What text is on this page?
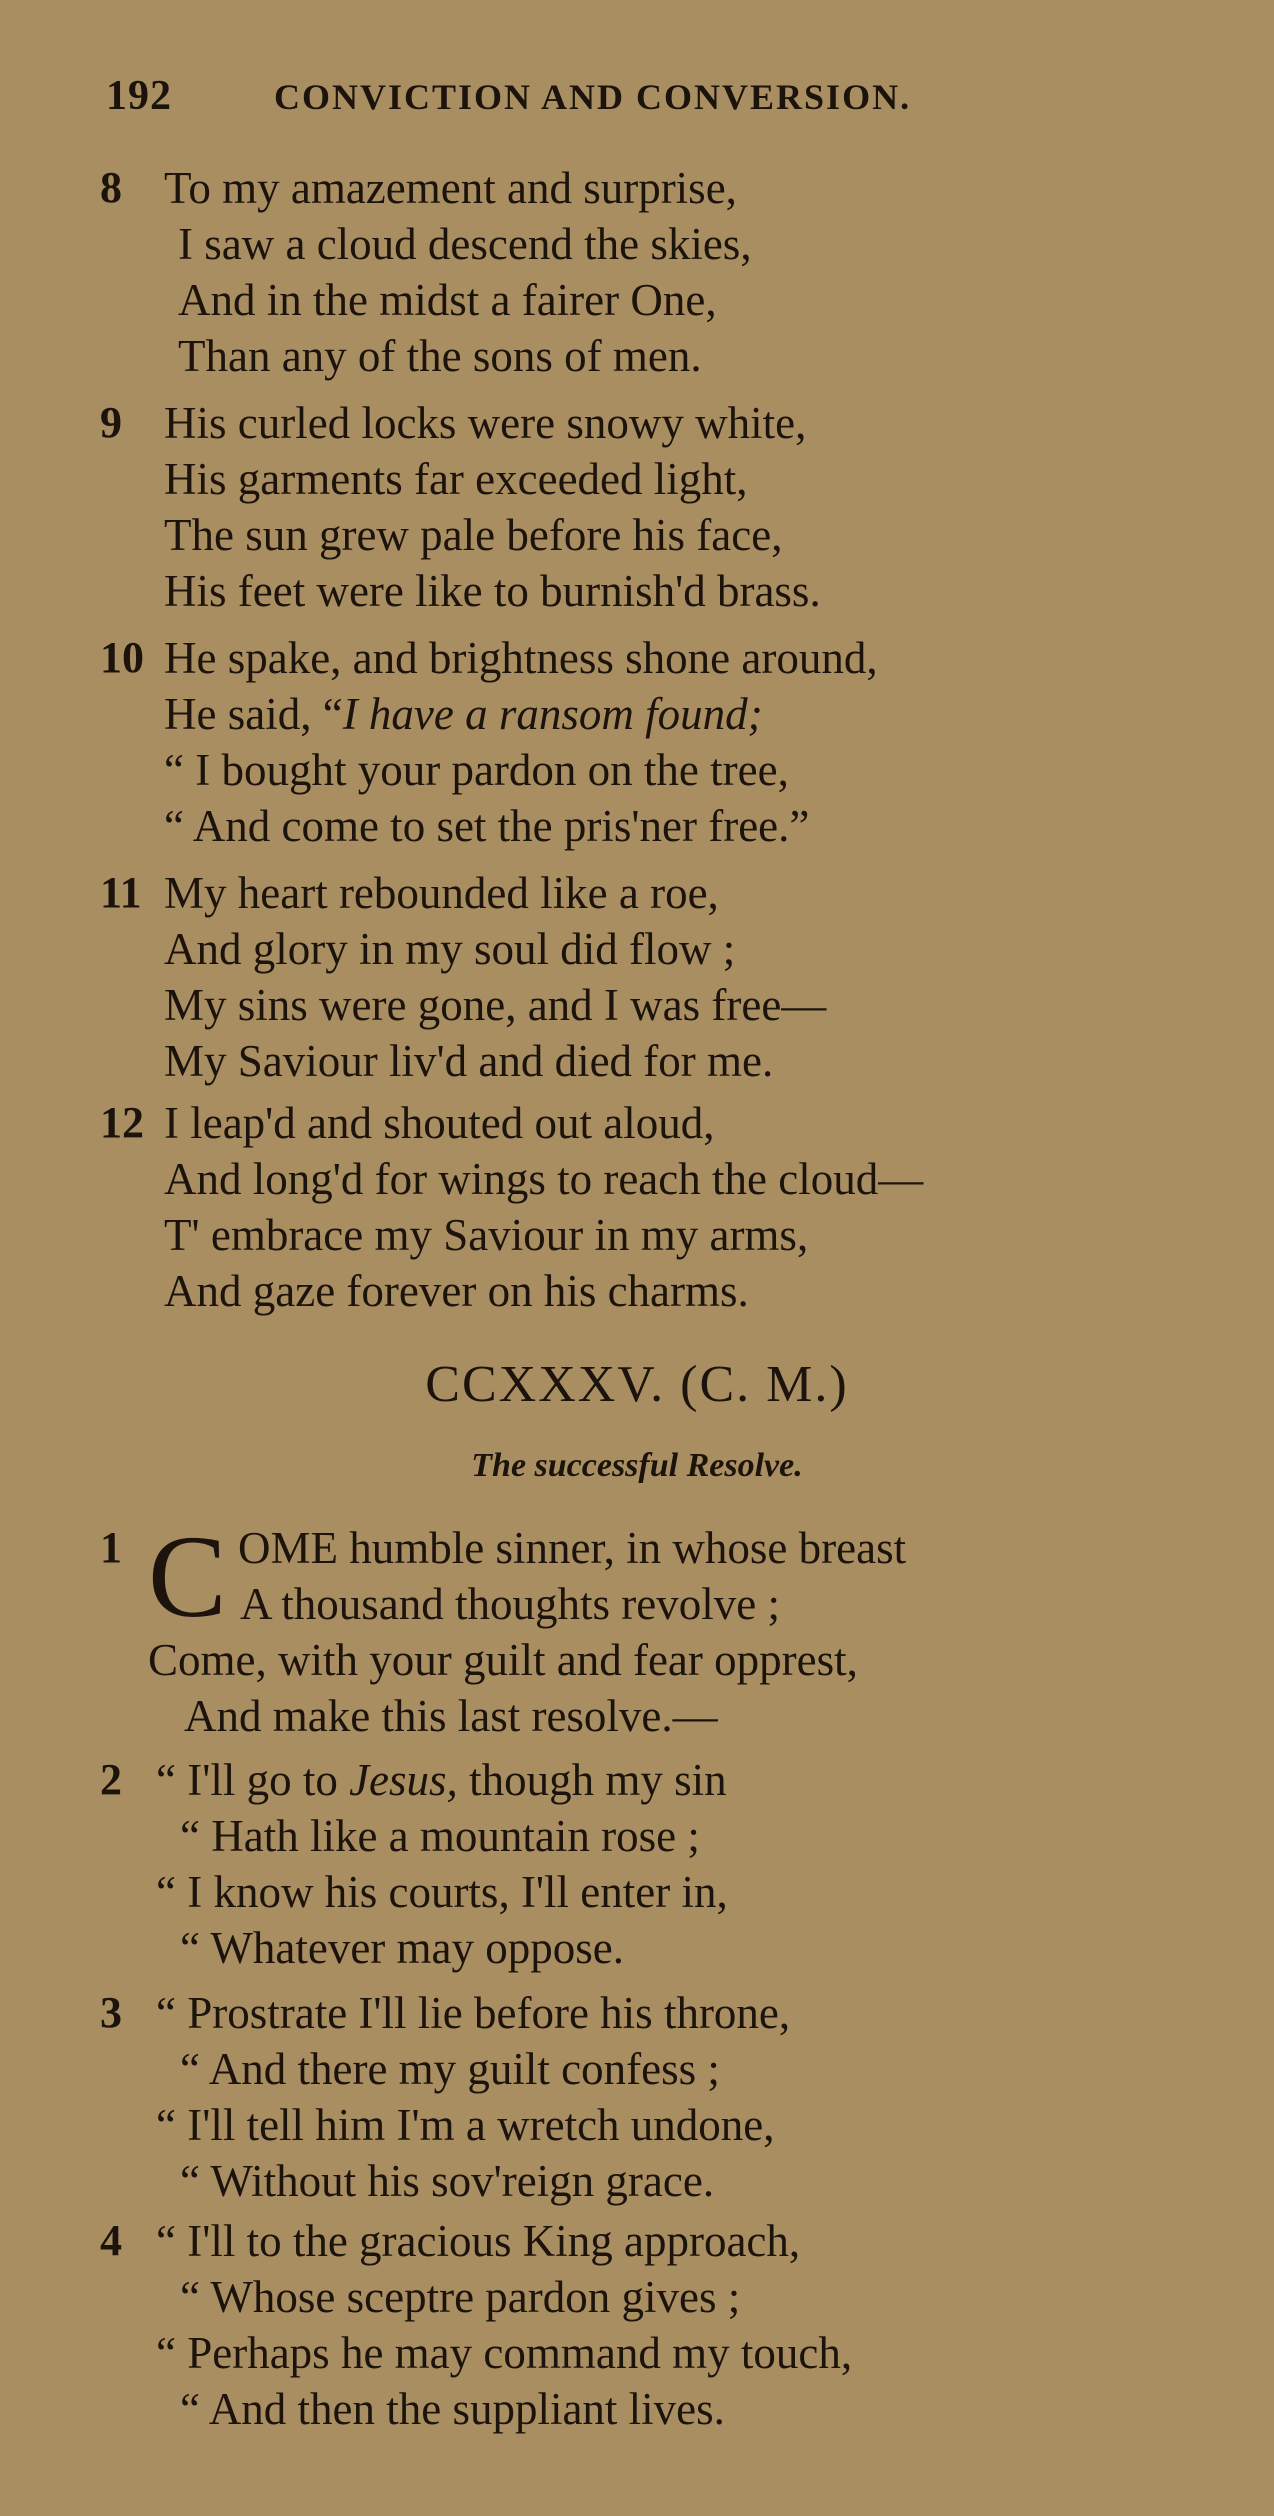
192	CONVICTION AND CONVERSION.
8 To my amazement and surprise,
I saw a cloud descend the skies,
And in the midst a fairer One,
Than any of the sons of men.
9 His curled locks were snowy white,
His garments far exceeded light,
The sun grew pale before his face,
His feet were like to burnish'd brass.
10 He spake, and brightness shone around,
He said, “I have a ransom found;
“ I bought your pardon on the tree,
“ And come to set the pris'ner free.”
11 My heart rebounded like a roe,
And glory in my soul did flow ;
My sins were gone, and I was free—
My Saviour liv'd and died for me.
12 I leap'd and shouted out aloud,
And long'd for wings to reach the cloud—
T' embrace my Saviour in my arms,
And gaze forever on his charms.
CCXXXV. (C. M.)
The successful Resolve.
1 C OME humble sinner, in whose breast
A thousand thoughts revolve ;
Come, with your guilt and fear opprest,
And make this last resolve.—
2 “ I'll go to Jesus, though my sin
“ Hath like a mountain rose ;
“ I know his courts, I'll enter in,
“ Whatever may oppose.
3 “ Prostrate I'll lie before his throne,
“ And there my guilt confess ;
“ I'll tell him I'm a wretch undone,
“ Without his sov'reign grace.
4 “ I'll to the gracious King approach,
“ Whose sceptre pardon gives ;
“ Perhaps he may command my touch,
“ And then the suppliant lives.
